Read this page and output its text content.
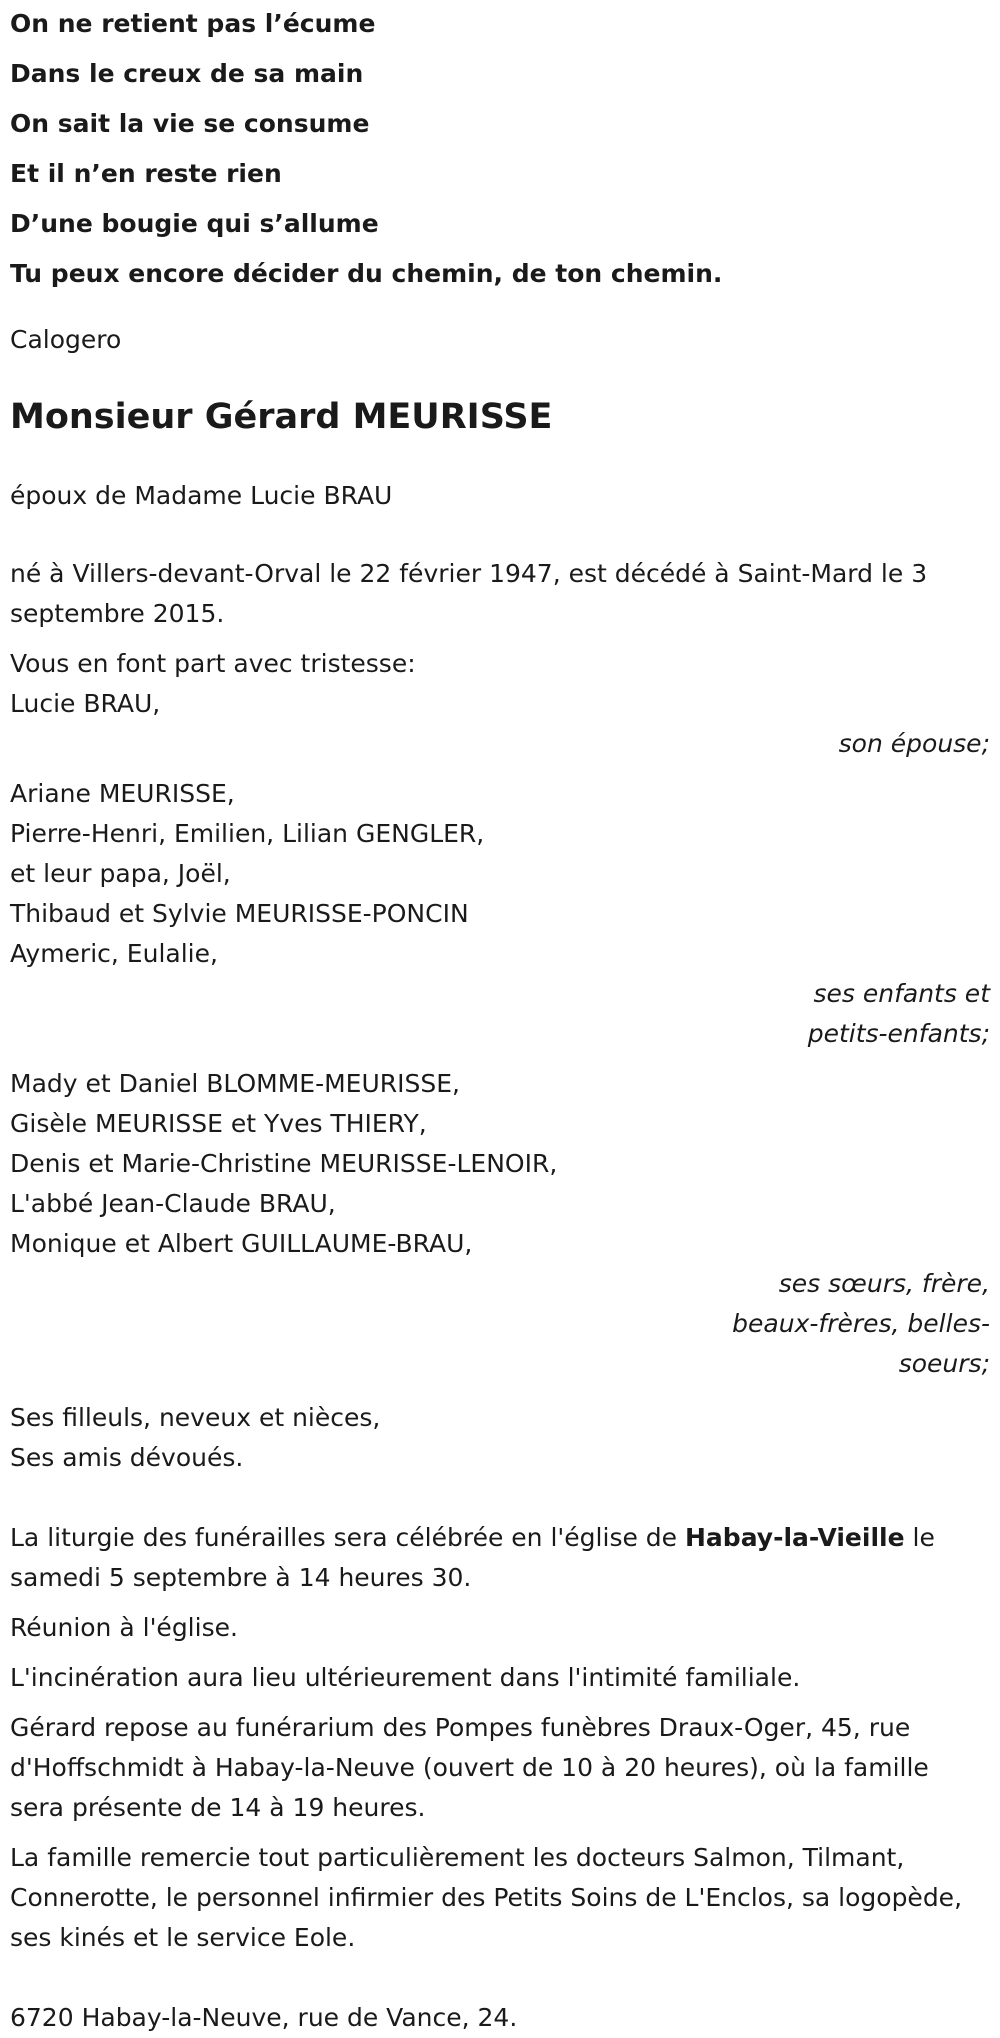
On ne retient pas l’écume

Dans le creux de sa main

On sait la vie se consume

Et il n’en reste rien

D’une bougie qui s’allume

Tu peux encore décider du chemin, de ton chemin.

Calogero
Monsieur Gérard MEURISSE
époux de Madame Lucie BRAU
né à Villers-devant-Orval le 22 février 1947, est décédé à Saint-Mard le 3 septembre 2015.
Vous en font part avec tristesse:

Lucie BRAU,

son épouse;

Ariane MEURISSE,

Pierre-Henri, Emilien, Lilian GENGLER,

et leur papa, Joël,

Thibaud et Sylvie MEURISSE-PONCIN

Aymeric, Eulalie,

ses enfants et petits-enfants;

Mady et Daniel BLOMME-MEURISSE,

Gisèle MEURISSE et Yves THIERY,

Denis et Marie-Christine MEURISSE-LENOIR,

L'abbé Jean-Claude BRAU,

Monique et Albert GUILLAUME-BRAU,

ses sœurs, frère, beaux-frères, belles-soeurs;

Ses filleuls, neveux et nièces,

Ses amis dévoués.

La liturgie des funérailles sera célébrée en l'église de Habay-la-Vieille le samedi 5 septembre à 14 heures 30.

Réunion à l'église.

L'incinération aura lieu ultérieurement dans l'intimité familiale.

Gérard repose au funérarium des Pompes funèbres Draux-Oger, 45, rue d'Hoffschmidt à Habay-la-Neuve (ouvert de 10 à 20 heures), où la famille sera présente de 14 à 19 heures.

La famille remercie tout particulièrement les docteurs Salmon, Tilmant, Connerotte, le personnel infirmier des Petits Soins de L'Enclos, sa logopède, ses kinés et le service Eole.

6720 Habay-la-Neuve, rue de Vance, 24.
